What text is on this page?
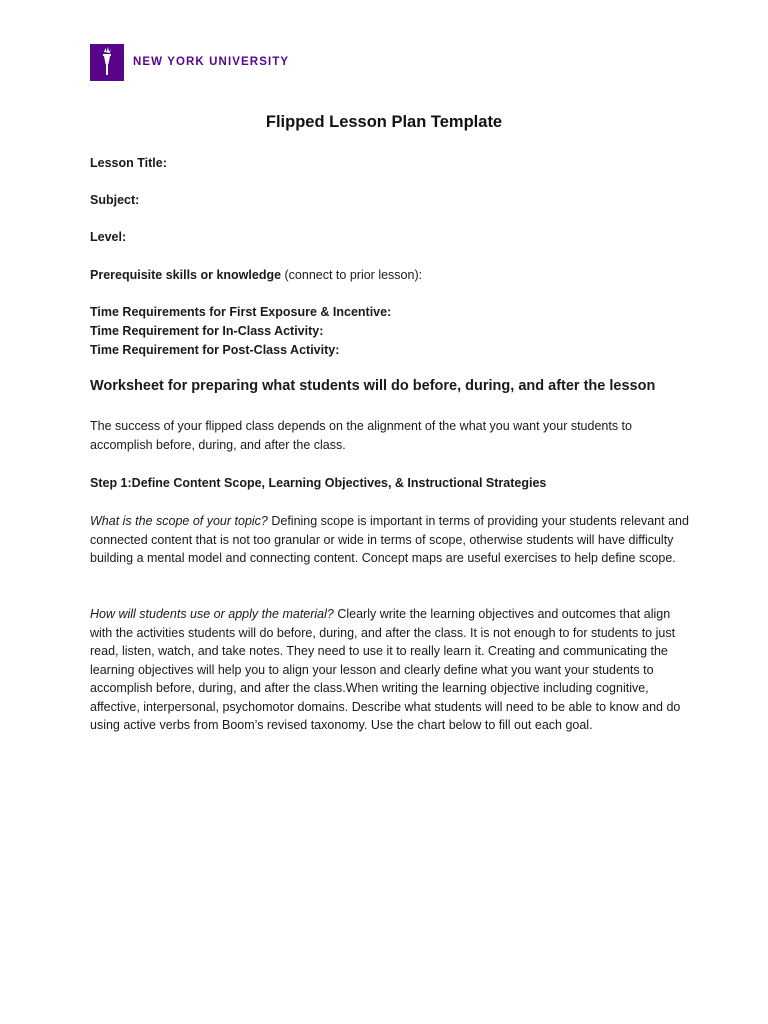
NEW YORK UNIVERSITY
Flipped Lesson Plan Template
Lesson Title:
Subject:
Level:
Prerequisite skills or knowledge (connect to prior lesson):
Time Requirements for First Exposure & Incentive:
Time Requirement for In-Class Activity:
Time Requirement for Post-Class Activity:
Worksheet for preparing what students will do before, during, and after the lesson

The success of your flipped class depends on the alignment of the what you want your students to accomplish before, during, and after the class.

Step 1:Define Content Scope, Learning Objectives, & Instructional Strategies

What is the scope of your topic? Defining scope is important in terms of providing your students relevant and connected content that is not too granular or wide in terms of scope, otherwise students will have difficulty building a mental model and connecting content. Concept maps are useful exercises to help define scope.

How will students use or apply the material? Clearly write the learning objectives and outcomes that align with the activities students will do before, during, and after the class. It is not enough to for students to just read, listen, watch, and take notes. They need to use it to really learn it. Creating and communicating the learning objectives will help you to align your lesson and clearly define what you want your students to accomplish before, during, and after the class.When writing the learning objective including cognitive, affective, interpersonal, psychomotor domains. Describe what students will need to be able to know and do using active verbs from Boom’s revised taxonomy. Use the chart below to fill out each goal.
